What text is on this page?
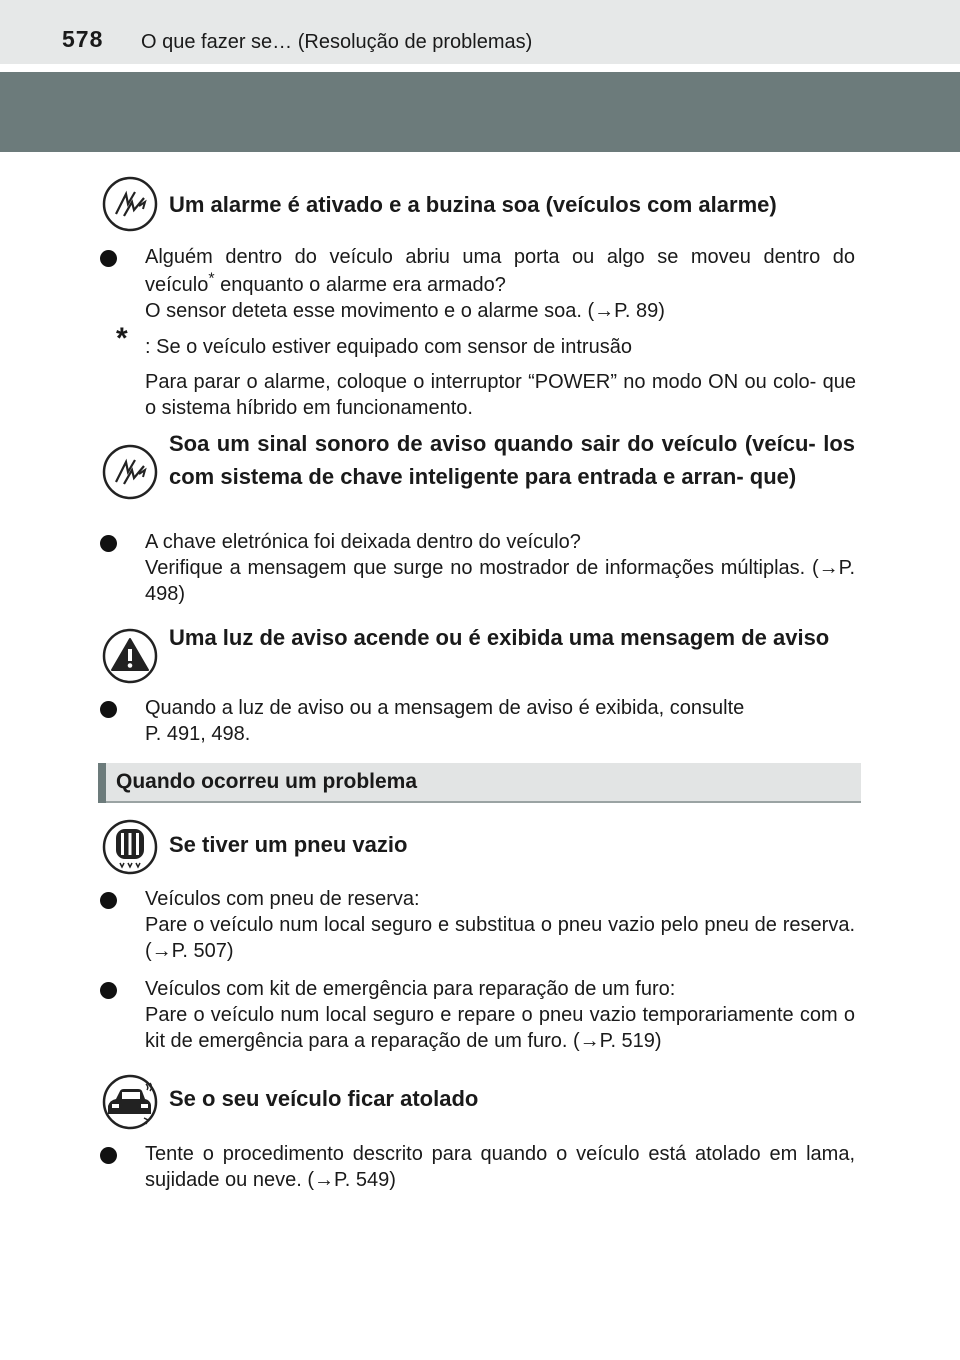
578 O que fazer se… (Resolução de problemas)
Um alarme é ativado e a buzina soa (veículos com alarme)

Alguém dentro do veículo abriu uma porta ou algo se moveu dentro do

veículo* enquanto o alarme era armado?

O sensor deteta esse movimento e o alarme soa. (→P. 89)

* : Se o veículo estiver equipado com sensor de intrusão
Para parar o alarme, coloque o interruptor “POWER” no modo ON ou colo- que o sistema híbrido em funcionamento.
Soa um sinal sonoro de aviso quando sair do veículo (veícu- los com sistema de chave inteligente para entrada e arran- que)

A chave eletrónica foi deixada dentro do veículo?

Verifique a mensagem que surge no mostrador de informações múltiplas. (→P. 498)

Uma luz de aviso acende ou é exibida uma mensagem de aviso

Quando a luz de aviso ou a mensagem de aviso é exibida, consulte

P. 491, 498.

Quando ocorreu um problema
Se tiver um pneu vazio

Veículos com pneu de reserva:

Pare o veículo num local seguro e substitua o pneu vazio pelo pneu de reserva. (→P. 507)

Veículos com kit de emergência para reparação de um furo:

Pare o veículo num local seguro e repare o pneu vazio temporariamente com o kit de emergência para a reparação de um furo. (→P. 519)

Se o seu veículo ficar atolado

Tente o procedimento descrito para quando o veículo está atolado em lama, sujidade ou neve. (→P. 549)
